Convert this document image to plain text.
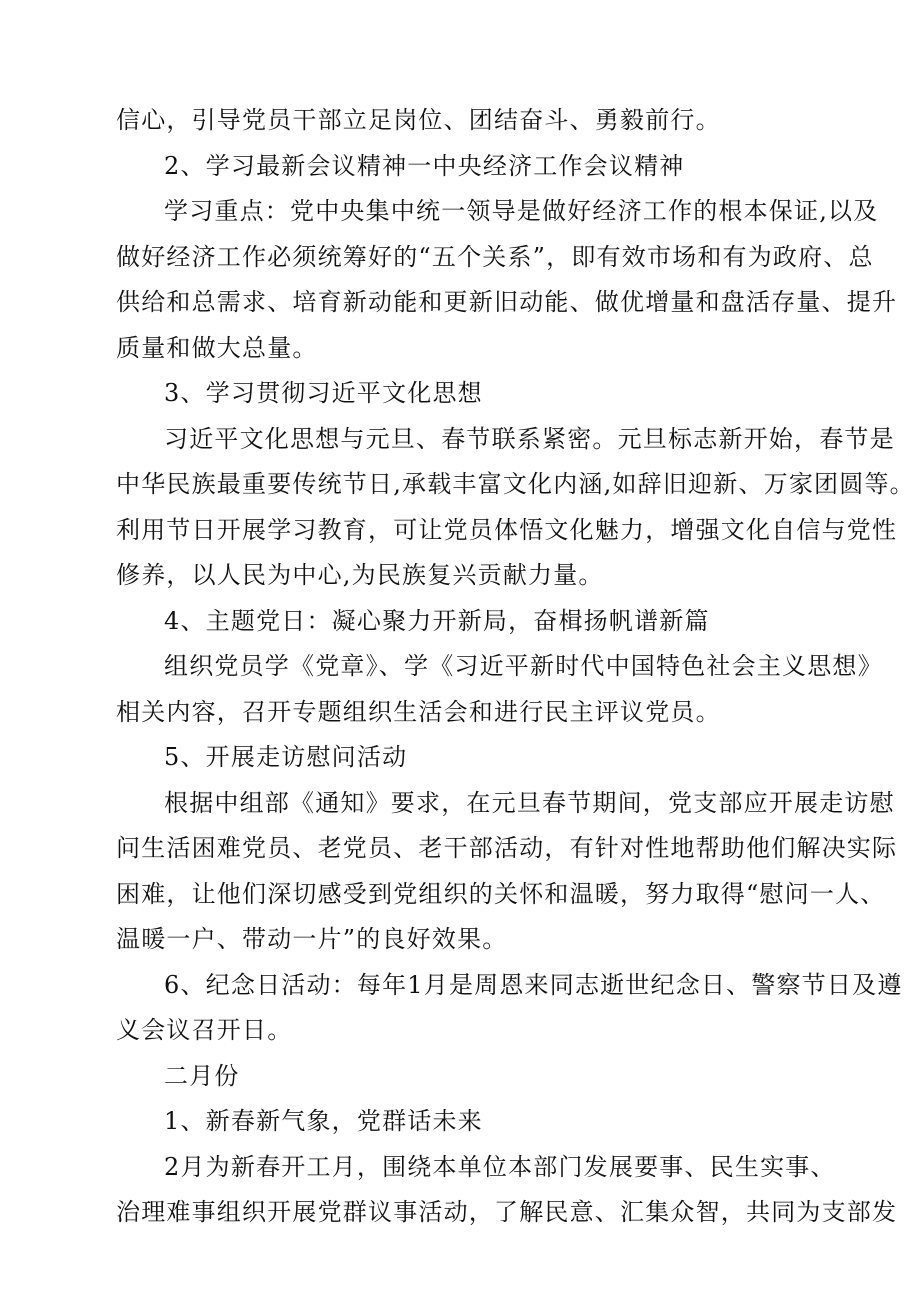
信心，引导党员干部立足岗位、团结奋斗、勇毅前行。
2、学习最新会议精神一中央经济工作会议精神
学习重点：党中央集中统一领导是做好经济工作的根本保证,以及
做好经济工作必须统筹好的“五个关系”，即有效市场和有为政府、总
供给和总需求、培育新动能和更新旧动能、做优增量和盘活存量、提升
质量和做大总量。
3、学习贯彻习近平文化思想
习近平文化思想与元旦、春节联系紧密。元旦标志新开始，春节是
中华民族最重要传统节日,承载丰富文化内涵,如辞旧迎新、万家团圆等。
利用节日开展学习教育，可让党员体悟文化魅力，增强文化自信与党性
修养，以人民为中心,为民族复兴贡献力量。
4、主题党日：凝心聚力开新局，奋楫扬帆谱新篇
组织党员学《党章》、学《习近平新时代中国特色社会主义思想》
相关内容，召开专题组织生活会和进行民主评议党员。
5、开展走访慰问活动
根据中组部《通知》要求，在元旦春节期间，党支部应开展走访慰
问生活困难党员、老党员、老干部活动，有针对性地帮助他们解决实际
困难，让他们深切感受到党组织的关怀和温暖，努力取得“慰问一人、
温暖一户、带动一片”的良好效果。
6、纪念日活动：每年1月是周恩来同志逝世纪念日、警察节日及遵
义会议召开日。
二月份
1、新春新气象，党群话未来
2月为新春开工月，围绕本单位本部门发展要事、民生实事、
治理难事组织开展党群议事活动，了解民意、汇集众智，共同为支部发
